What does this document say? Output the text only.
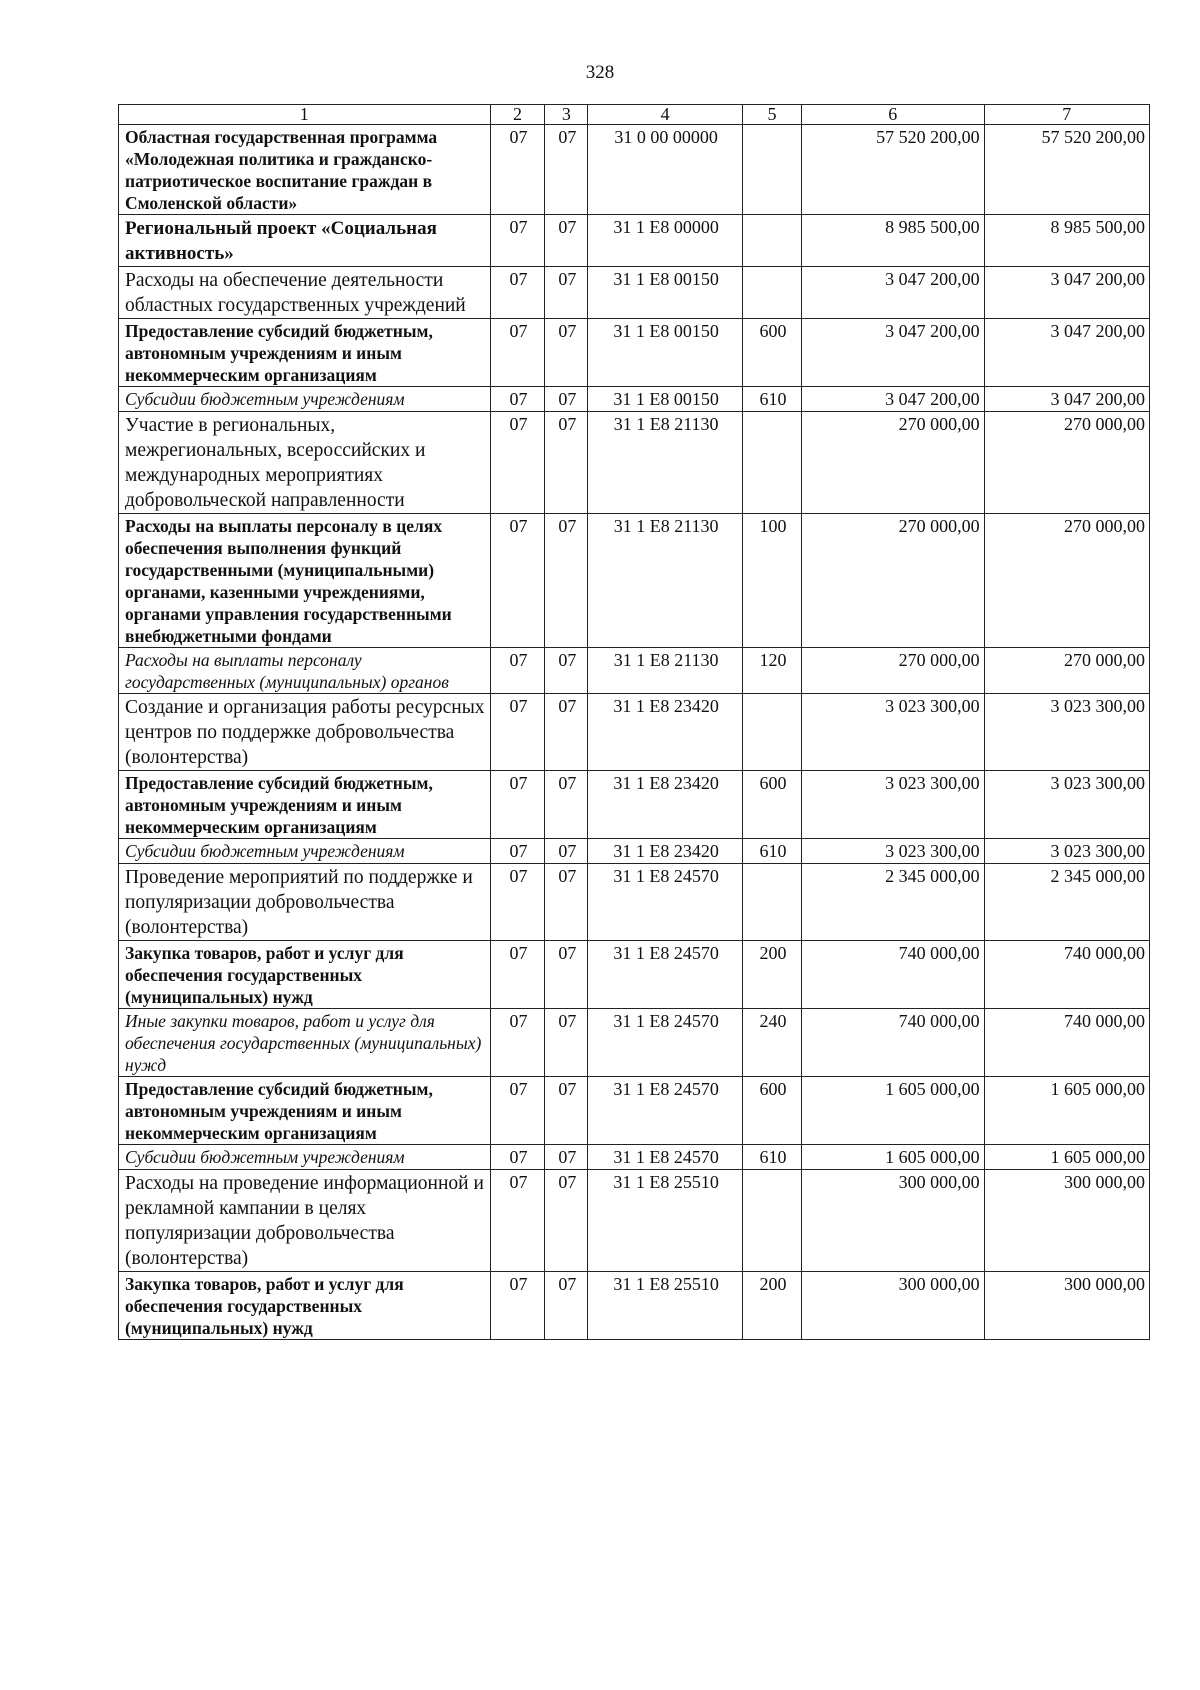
328
1	2	3	4	5	6	7
Областная государственная программа «Молодежная политика и гражданско-патриотическое воспитание граждан в Смоленской области»	07	07	31 0 00 00000		57 520 200,00	57 520 200,00
Региональный проект «Социальная активность»	07	07	31 1 Е8 00000		8 985 500,00	8 985 500,00
Расходы на обеспечение деятельности областных государственных учреждений	07	07	31 1 Е8 00150		3 047 200,00	3 047 200,00
Предоставление субсидий бюджетным, автономным учреждениям и иным некоммерческим организациям	07	07	31 1 Е8 00150	600	3 047 200,00	3 047 200,00
Субсидии бюджетным учреждениям	07	07	31 1 Е8 00150	610	3 047 200,00	3 047 200,00
Участие в региональных, межрегиональных, всероссийских и международных мероприятиях добровольческой направленности	07	07	31 1 Е8 21130		270 000,00	270 000,00
Расходы на выплаты персоналу в целях обеспечения выполнения функций государственными (муниципальными) органами, казенными учреждениями, органами управления государственными внебюджетными фондами	07	07	31 1 Е8 21130	100	270 000,00	270 000,00
Расходы на выплаты персоналу государственных (муниципальных) органов	07	07	31 1 Е8 21130	120	270 000,00	270 000,00
Создание и организация работы ресурсных центров по поддержке добровольчества (волонтерства)	07	07	31 1 Е8 23420		3 023 300,00	3 023 300,00
Предоставление субсидий бюджетным, автономным учреждениям и иным некоммерческим организациям	07	07	31 1 Е8 23420	600	3 023 300,00	3 023 300,00
Субсидии бюджетным учреждениям	07	07	31 1 Е8 23420	610	3 023 300,00	3 023 300,00
Проведение мероприятий по поддержке и популяризации добровольчества (волонтерства)	07	07	31 1 Е8 24570		2 345 000,00	2 345 000,00
Закупка товаров, работ и услуг для обеспечения государственных (муниципальных) нужд	07	07	31 1 Е8 24570	200	740 000,00	740 000,00
Иные закупки товаров, работ и услуг для обеспечения государственных (муниципальных) нужд	07	07	31 1 Е8 24570	240	740 000,00	740 000,00
Предоставление субсидий бюджетным, автономным учреждениям и иным некоммерческим организациям	07	07	31 1 Е8 24570	600	1 605 000,00	1 605 000,00
Субсидии бюджетным учреждениям	07	07	31 1 Е8 24570	610	1 605 000,00	1 605 000,00
Расходы на проведение информационной и рекламной кампании в целях популяризации добровольчества (волонтерства)	07	07	31 1 Е8 25510		300 000,00	300 000,00
Закупка товаров, работ и услуг для обеспечения государственных (муниципальных) нужд	07	07	31 1 Е8 25510	200	300 000,00	300 000,00
